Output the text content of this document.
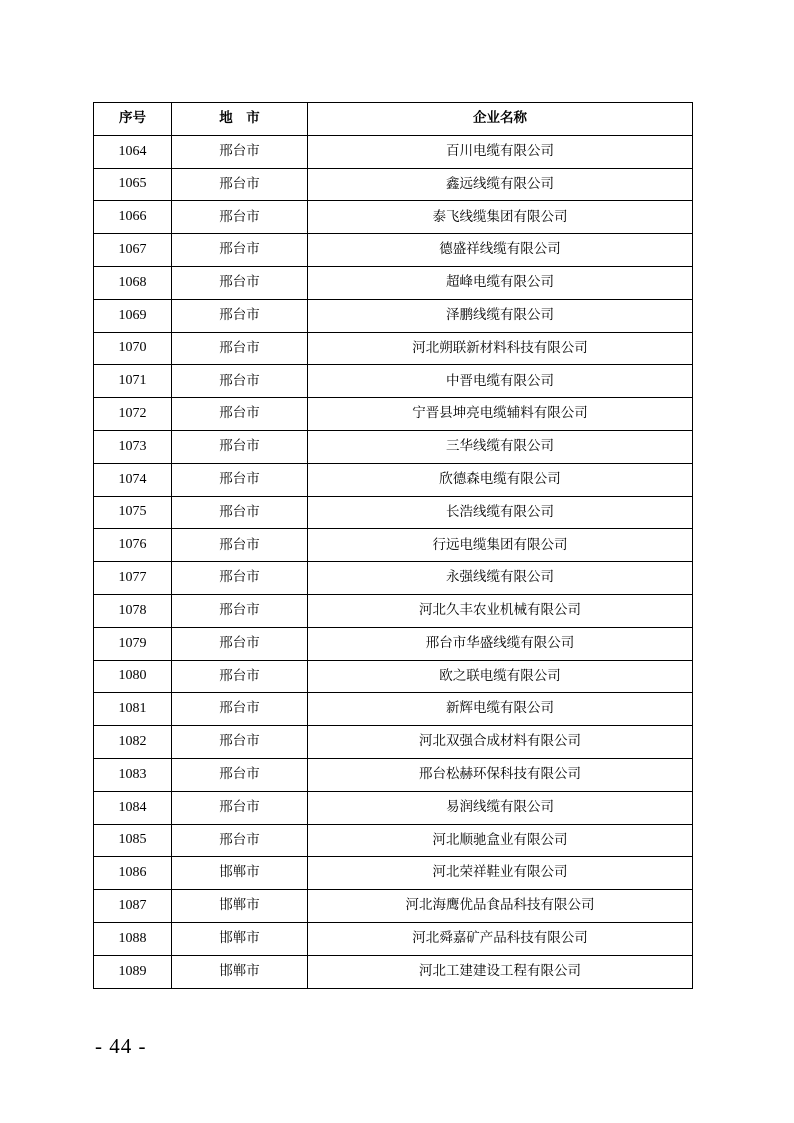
序号	地　市	企业名称
1064	邢台市	百川电缆有限公司
1065	邢台市	鑫远线缆有限公司
1066	邢台市	泰飞线缆集团有限公司
1067	邢台市	德盛祥线缆有限公司
1068	邢台市	超峰电缆有限公司
1069	邢台市	泽鹏线缆有限公司
1070	邢台市	河北朔联新材料科技有限公司
1071	邢台市	中晋电缆有限公司
1072	邢台市	宁晋县坤亮电缆辅料有限公司
1073	邢台市	三华线缆有限公司
1074	邢台市	欣德森电缆有限公司
1075	邢台市	长浩线缆有限公司
1076	邢台市	行远电缆集团有限公司
1077	邢台市	永强线缆有限公司
1078	邢台市	河北久丰农业机械有限公司
1079	邢台市	邢台市华盛线缆有限公司
1080	邢台市	欧之联电缆有限公司
1081	邢台市	新辉电缆有限公司
1082	邢台市	河北双强合成材料有限公司
1083	邢台市	邢台松赫环保科技有限公司
1084	邢台市	易润线缆有限公司
1085	邢台市	河北顺驰盒业有限公司
1086	邯郸市	河北荣祥鞋业有限公司
1087	邯郸市	河北海鹰优品食品科技有限公司
1088	邯郸市	河北舜嘉矿产品科技有限公司
1089	邯郸市	河北工建建设工程有限公司
- 44 -
